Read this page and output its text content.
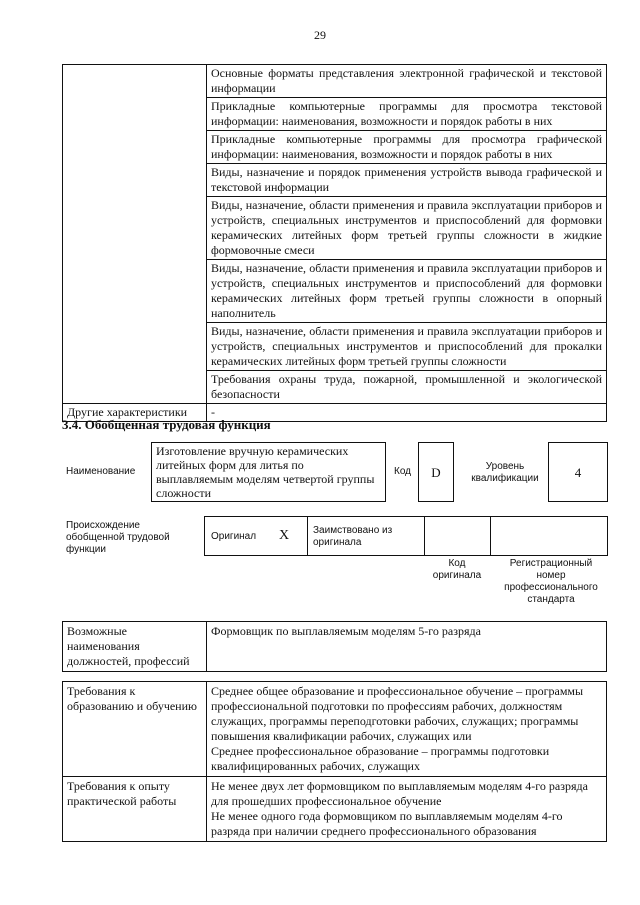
29
	Основные форматы представления электронной графической и текстовой информации
	Прикладные компьютерные программы для просмотра текстовой информации: наименования, возможности и порядок работы в них
	Прикладные компьютерные программы для просмотра графической информации: наименования, возможности и порядок работы в них
	Виды, назначение и порядок применения устройств вывода графической и текстовой информации
	Виды, назначение, области применения и правила эксплуатации приборов и устройств, специальных инструментов и приспособлений для формовки керамических литейных форм третьей группы сложности в жидкие формовочные смеси
	Виды, назначение, области применения и правила эксплуатации приборов и устройств, специальных инструментов и приспособлений для формовки керамических литейных форм третьей группы сложности в опорный наполнитель
	Виды, назначение, области применения и правила эксплуатации приборов и устройств, специальных инструментов и приспособлений для прокалки керамических литейных форм третьей группы сложности
	Требования охраны труда, пожарной, промышленной и экологической безопасности
Другие характеристики	-
3.4. Обобщенная трудовая функция
Наименование
Изготовление вручную керамических литейных форм для литья по выплавляемым моделям четвертой группы сложности
Код	D	Уровень квалификации	4
Происхождение обобщенной трудовой функции
Оригинал X Заимствовано из оригинала
Код оригинала
Регистрационный номер профессионального стандарта
Возможные наименования должностей, профессий	Формовщик по выплавляемым моделям 5-го разряда
Требования к образованию и обучению	Среднее общее образование и профессиональное обучение – программы профессиональной подготовки по профессиям рабочих, должностям служащих, программы переподготовки рабочих, служащих; программы повышения квалификации рабочих, служащих или
Среднее профессиональное образование – программы подготовки квалифицированных рабочих, служащих

Требования к опыту практической работы	Не менее двух лет формовщиком по выплавляемым моделям 4-го разряда для прошедших профессиональное обучение
Не менее одного года формовщиком по выплавляемым моделям 4-го разряда при наличии среднего профессионального образования
